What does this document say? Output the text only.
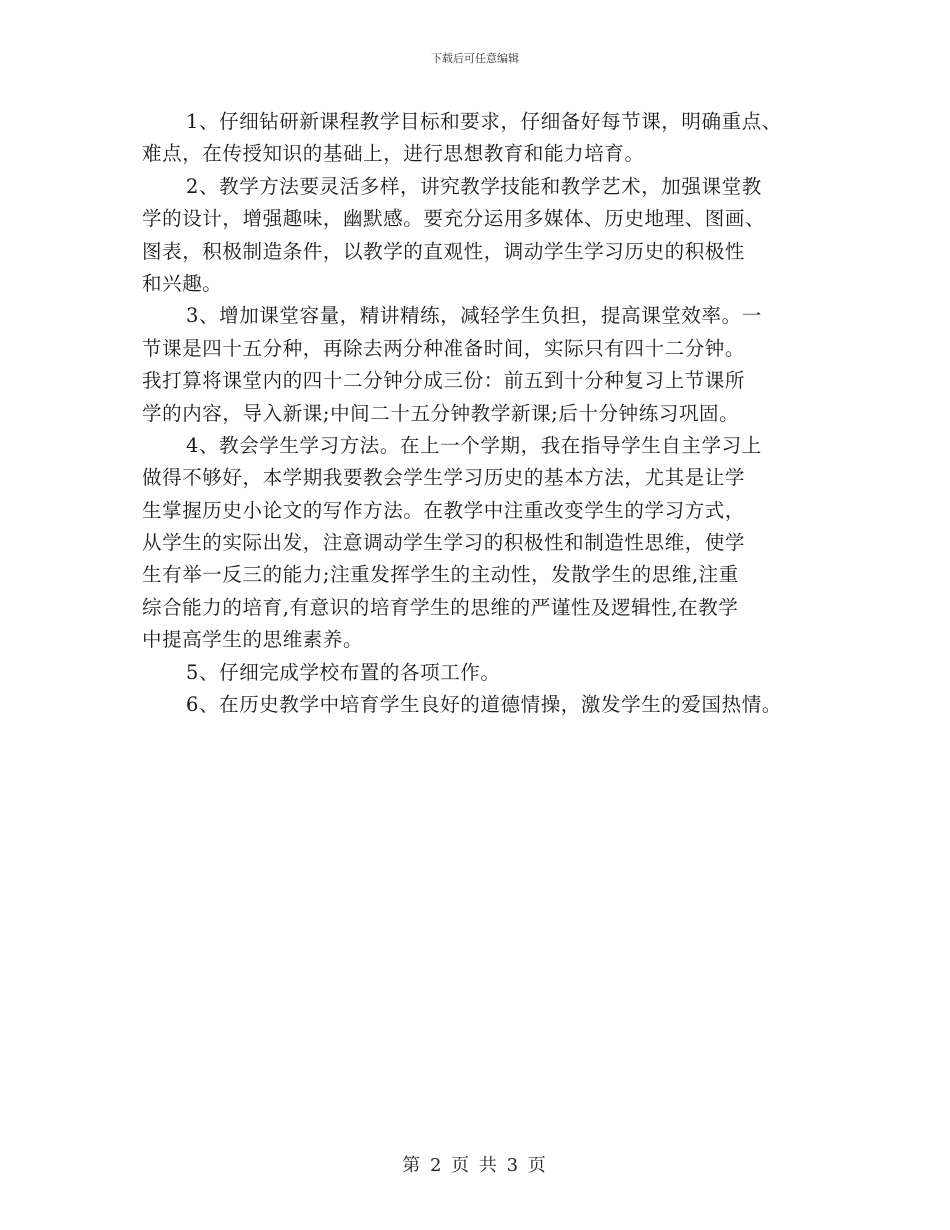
下载后可任意编辑
1、仔细钻研新课程教学目标和要求，仔细备好每节课，明确重点、
难点，在传授知识的基础上，进行思想教育和能力培育。
2、教学方法要灵活多样，讲究教学技能和教学艺术，加强课堂教
学的设计，增强趣味，幽默感。要充分运用多媒体、历史地理、图画、
图表，积极制造条件，以教学的直观性，调动学生学习历史的积极性
和兴趣。
3、增加课堂容量，精讲精练，减轻学生负担，提高课堂效率。一
节课是四十五分种，再除去两分种准备时间，实际只有四十二分钟。
我打算将课堂内的四十二分钟分成三份：前五到十分种复习上节课所
学的内容，导入新课;中间二十五分钟教学新课;后十分钟练习巩固。
4、教会学生学习方法。在上一个学期，我在指导学生自主学习上
做得不够好，本学期我要教会学生学习历史的基本方法，尤其是让学
生掌握历史小论文的写作方法。在教学中注重改变学生的学习方式，
从学生的实际出发，注意调动学生学习的积极性和制造性思维，使学
生有举一反三的能力;注重发挥学生的主动性，发散学生的思维,注重
综合能力的培育,有意识的培育学生的思维的严谨性及逻辑性,在教学
中提高学生的思维素养。
5、仔细完成学校布置的各项工作。
6、在历史教学中培育学生良好的道德情操，激发学生的爱国热情。
第 2 页 共 3 页
